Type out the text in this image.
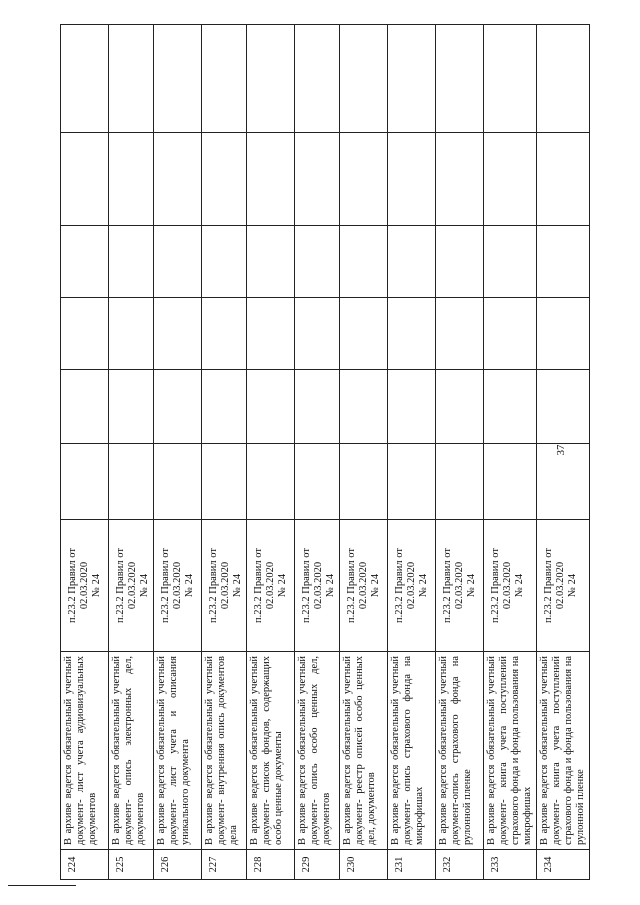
224	В архиве ведется обязательный учетный документ- лист учета аудиовизуальных документов	п.23.2 Правил от 02.03.2020 № 24						

225	В архиве ведется обязательный учетный документ- опись электронных дел, документов	п.23.2 Правил от 02.03.2020 № 24						

226	В архиве ведется обязательный учетный документ- лист учета и описания уникального документа	п.23.2 Правил от 02.03.2020 № 24						

227	В архиве ведется обязательный учетный документ- внутренняя опись документов дела	п.23.2 Правил от 02.03.2020 № 24						

228	В архиве ведется обязательный учетный документ- список фондов, содержащих особо ценные документы	п.23.2 Правил от 02.03.2020 № 24						

229	В архиве ведется обязательный учетный документ- опись особо ценных дел, документов	п.23.2 Правил от 02.03.2020 № 24						

230	В архиве ведется обязательный учетный документ- реестр описей особо ценных дел, документов	п.23.2 Правил от 02.03.2020 № 24						

231	В архиве ведется обязательный учетный документ- опись страхового фонда на микрофишах	п.23.2 Правил от 02.03.2020 № 24						

232	В архиве ведется обязательный учетный документ-опись страхового фонда на рулонной пленке	п.23.2 Правил от 02.03.2020 № 24						

233	В архиве ведется обязательный учетный документ- книга учета поступлений страхового фонда и фонда пользования на микрофишах	п.23.2 Правил от 02.03.2020 № 24						

234	В архиве ведется обязательный учетный документ- книга учета поступлений страхового фонда и фонда пользования на рулонной пленке	п.23.2 Правил от 02.03.2020 № 24						

37
